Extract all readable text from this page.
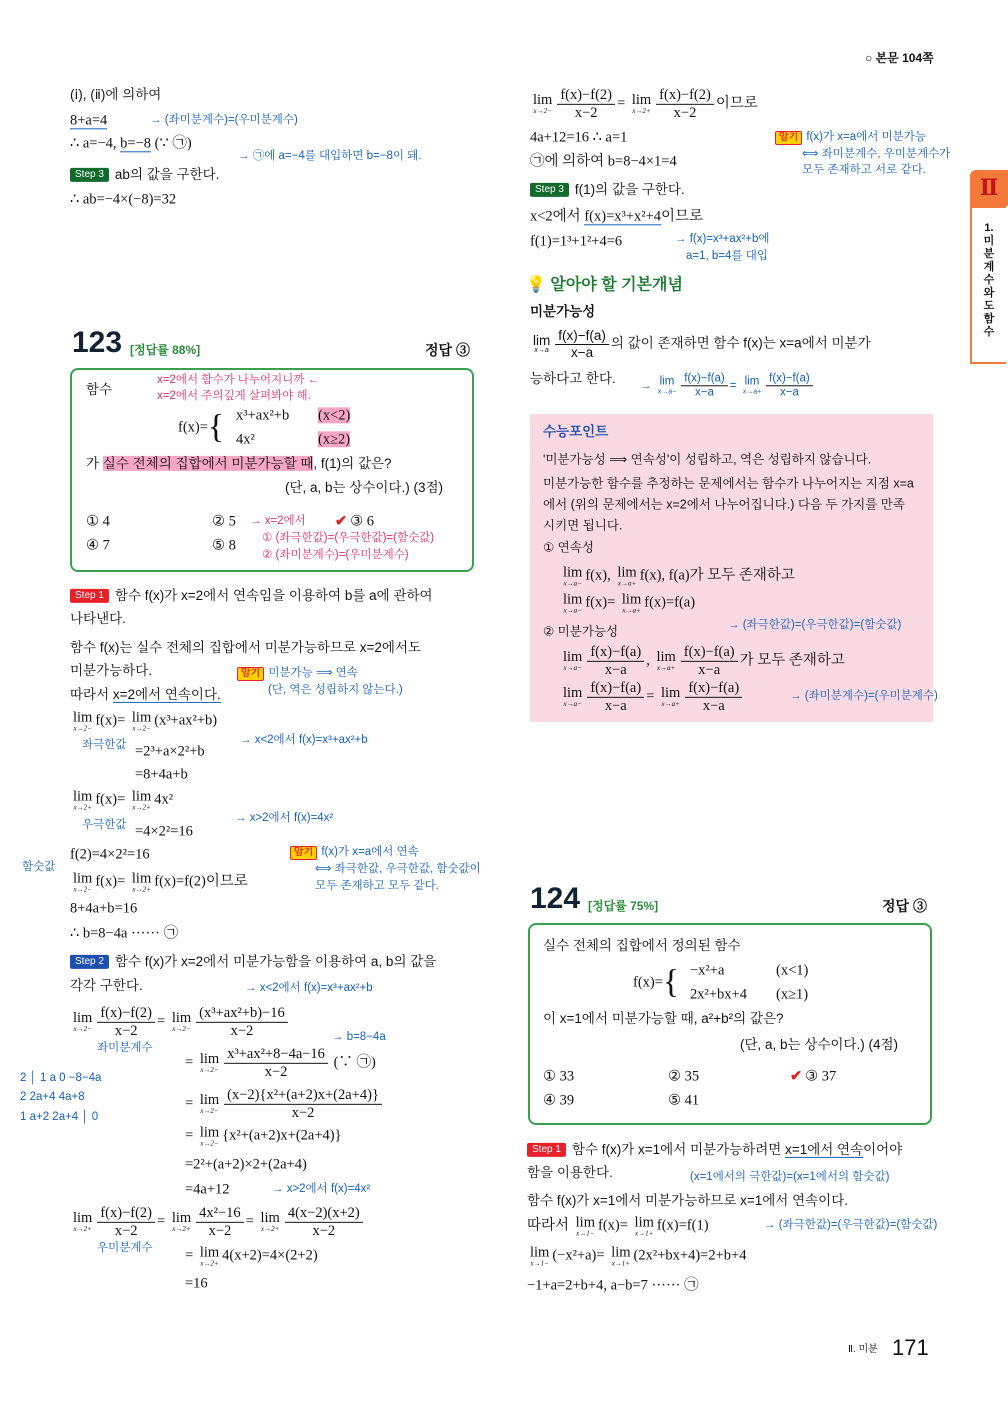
○ 본문 104쪽
123 [정답률 88%]	정답 ③
124 [정답률 75%]	정답 ③
① 4	② 5	✔ ③ 6
④ 7	⑤ 8
① 33	② 35	✔ ③ 37
④ 39	⑤ 41
Ⅱ
1.
미
분
계
수
와
도
함
수
Ⅱ. 미분 171
(ⅰ), (ⅱ)에 의하여
8+a=4	→ (좌미분계수)=(우미분계수)
∴ a=−4, b=−8 (∵ ㉠)
→ ㉠에 a=−4를 대입하면 b=−8이 돼.
Step 3 ab의 값을 구한다.
∴ ab=−4×(−8)=32
함수
x=2에서 함수가 나누어지니까 ←
x=2에서 주의깊게 살펴봐야 해.
f(x)={ x³+ax²+b
4x²
(x<2)
(x≥2)
가 실수 전체의 집합에서 미분가능할 때, f(1)의 값은?
(단, a, b는 상수이다.) (3점)
→ x=2에서
① (좌극한값)=(우극한값)=(함숫값)
② (좌미분계수)=(우미분계수)
Step 1 함수 f(x)가 x=2에서 연속임을 이용하여 b를 a에 관하여
나타낸다.
함수 f(x)는 실수 전체의 집합에서 미분가능하므로 x=2에서도
미분가능하다.	암기 미분가능 ⟹ 연속
(단, 역은 성립하지 않는다.)
따라서 x=2에서 연속이다.
lim
x→2− f(x)= lim
x→2− (x³+ax²+b)
좌극한값	→ x<2에서 f(x)=x³+ax²+b
=2³+a×2²+b
=8+4a+b
lim
x→2+ f(x)= lim
x→2+ 4x²
우극한값
→ x>2에서 f(x)=4x²
=4×2²=16
f(2)=4×2²=16
함숫값
암기 f(x)가 x=a에서 연속
⟺ 좌극한값, 우극한값, 함숫값이
모두 존재하고 모두 같다.
lim
x→2− f(x)= lim
x→2+ f(x)=f(2)이므로
8+4a+b=16
∴ b=8−4a ······ ㉠
Step 2 함수 f(x)가 x=2에서 미분가능함을 이용하여 a, b의 값을
각각 구한다.	→ x<2에서 f(x)=x³+ax²+b
lim
$x\to 2- \frac{f(x)-f(2)}{x-2} = \lim$
$x\to 2- \frac{\text{(x³+ax²+b)−16}}{x-2}$
좌미분계수
→ b=8−4a
= lim
$x\to 2- \frac{\text{x³+ax²+8−4a−16}}{x-2}$ (∵ ㉠)
2 │ 1 a 0 −8−4a
2 2a+4 4a+8
1 a+2 2a+4 │ 0
= lim
$x\to 2- \frac{\text{(x−2)\{x²+(a+2)x+(2a+4)\}}}{x-2}$
= lim
x→2− {x²+(a+2)x+(2a+4)}
=2²+(a+2)×2+(2a+4)
=4a+12	→ x>2에서 f(x)=4x²
lim
$x\to 2+ \frac{f(x)-f(2)}{x-2} = \lim$
$x\to 2+ \frac{\text{4x²−16}}{x-2} = \lim$
$x\to 2+ \frac{4(x-2)(x+2)}{x-2}$
우미분계수 = lim
x→2+ 4(x+2)=4×(2+2)
=16
lim
$x\to 2- \frac{f(x)-f(2)}{x-2} = \lim$
$x\to 2+ \frac{f(x)-f(2)}{x-2}$ 이므로
4a+12=16 ∴ a=1	암기 f(x)가 x=a에서 미분가능
⟺ 좌미분계수, 우미분계수가
모두 존재하고 서로 같다.
㉠에 의하여 b=8−4×1=4
Step 3 f(1)의 값을 구한다.
x<2에서 f(x)=x³+x²+4이므로
f(1)=1³+1²+4=6	→ f(x)=x³+ax²+b에
a=1, b=4를 대입
💡 알아야 할 기본개념
미분가능성
lim
$x\to a \frac{f(x)-f(a)}{x-a}$ 의 값이 존재하면 함수 f(x)는 x=a에서 미분가
능하다고 한다.
→ lim
$x\to a- \frac{f(x)-f(a)}{x-a} = \lim$
$x\to a+ \frac{f(x)-f(a)}{x-a}$
수능포인트
'미분가능성 ⟹ 연속성'이 성립하고, 역은 성립하지 않습니다.
미분가능한 함수를 추정하는 문제에서는 함수가 나누어지는 지점 x=a
에서 (위의 문제에서는 x=2에서 나누어집니다.) 다음 두 가지를 만족
시키면 됩니다.
① 연속성
lim
x→a− f(x), lim
x→a+ f(x), f(a)가 모두 존재하고
lim
x→a− f(x)= lim
x→a+ f(x)=f(a)
→ (좌극한값)=(우극한값)=(함숫값)
② 미분가능성
lim
$x\to a- \frac{f(x)-f(a)}{x-a}$ , lim
$x\to a+ \frac{f(x)-f(a)}{x-a}$ 가 모두 존재하고
lim
$x\to a- \frac{f(x)-f(a)}{x-a} = \lim$
$x\to a+ \frac{f(x)-f(a)}{x-a}$	→ (좌미분계수)=(우미분계수)
실수 전체의 집합에서 정의된 함수
f(x)={ −x²+a
2x²+bx+4
(x<1)
(x≥1)
이 x=1에서 미분가능할 때, a²+b²의 값은?
(단, a, b는 상수이다.) (4점)
Step 1 함수 f(x)가 x=1에서 미분가능하려면 x=1에서 연속이어야
함을 이용한다.	(x=1에서의 극한값)=(x=1에서의 함숫값)
함수 f(x)가 x=1에서 미분가능하므로 x=1에서 연속이다.
따라서 lim
x→1− f(x)= lim
x→1+ f(x)=f(1)	→ (좌극한값)=(우극한값)=(함숫값)
lim
x→1− (−x²+a)= lim
x→1+ (2x²+bx+4)=2+b+4
−1+a=2+b+4, a−b=7 ······ ㉠
